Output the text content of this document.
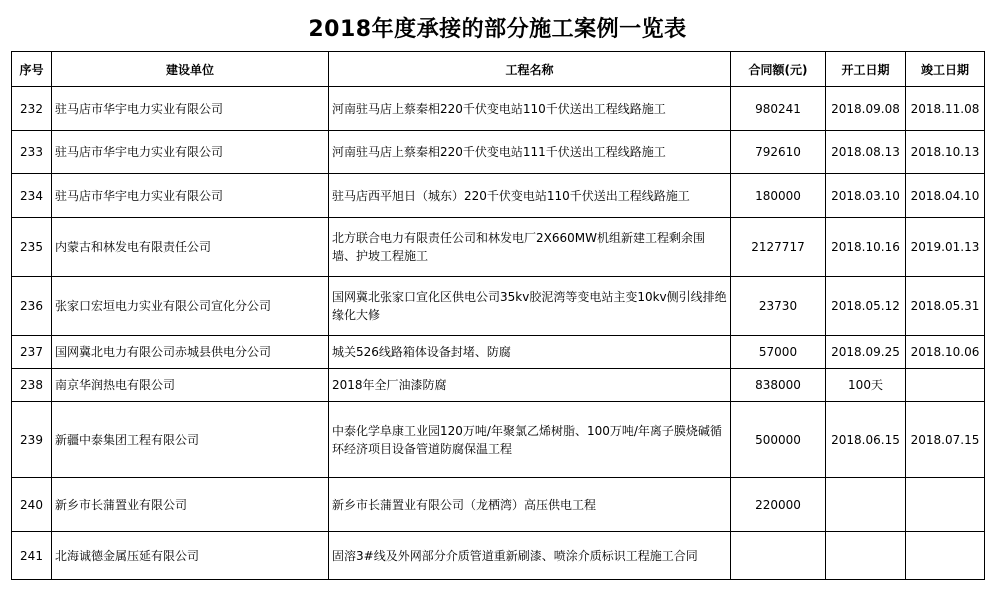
2018年度承接的部分施工案例一览表
序号	建设单位	工程名称	合同额(元)	开工日期	竣工日期
232	驻马店市华宇电力实业有限公司	河南驻马店上蔡秦相220千伏变电站110千伏送出工程线路施工	980241	2018.09.08	2018.11.08
233	驻马店市华宇电力实业有限公司	河南驻马店上蔡秦相220千伏变电站111千伏送出工程线路施工	792610	2018.08.13	2018.10.13
234	驻马店市华宇电力实业有限公司	驻马店西平旭日（城东）220千伏变电站110千伏送出工程线路施工	180000	2018.03.10	2018.04.10
235	内蒙古和林发电有限责任公司	北方联合电力有限责任公司和林发电厂2X660MW机组新建工程剩余围墙、护坡工程施工	2127717	2018.10.16	2019.01.13
236	张家口宏垣电力实业有限公司宣化分公司	国网冀北张家口宣化区供电公司35kv胶泥湾等变电站主变10kv侧引线排绝缘化大修	23730	2018.05.12	2018.05.31
237	国网冀北电力有限公司赤城县供电分公司	城关526线路箱体设备封堵、防腐	57000	2018.09.25	2018.10.06
238	南京华润热电有限公司	2018年全厂油漆防腐	838000	100天	
239	新疆中泰集团工程有限公司	中泰化学阜康工业园120万吨/年聚氯乙烯树脂、100万吨/年离子膜烧碱循环经济项目设备管道防腐保温工程	500000	2018.06.15	2018.07.15
240	新乡市长蒲置业有限公司	新乡市长蒲置业有限公司（龙栖湾）高压供电工程	220000		
241	北海诚德金属压延有限公司	固溶3#线及外网部分介质管道重新刷漆、喷涂介质标识工程施工合同			
